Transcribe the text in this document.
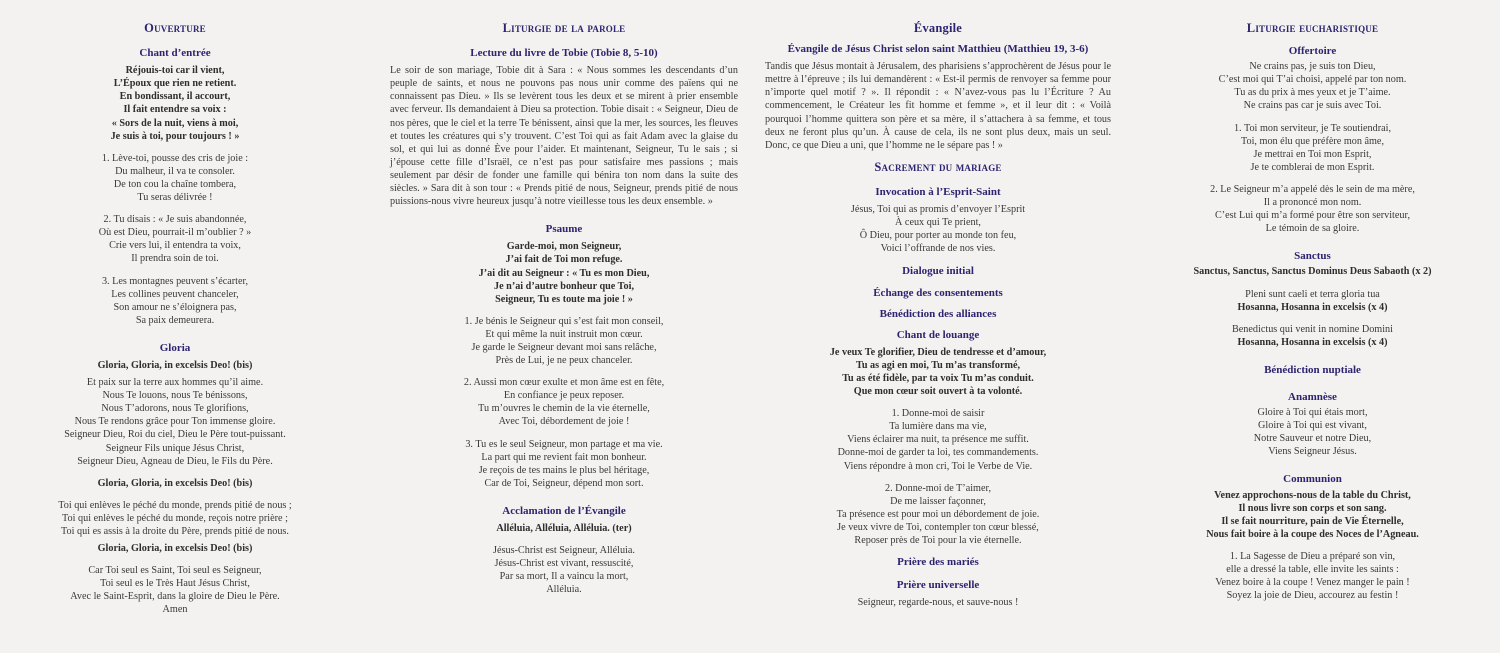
Ouverture
Chant d’entrée

Réjouis-toi car il vient,
L’Époux que rien ne retient.
En bondissant, il accourt,
Il fait entendre sa voix :
« Sors de la nuit, viens à moi,
Je suis à toi, pour toujours ! »

1. Lève-toi, pousse des cris de joie :
Du malheur, il va te consoler.
De ton cou la chaîne tombera,
Tu seras délivrée !

2. Tu disais : « Je suis abandonnée,
Où est Dieu, pourrait-il m’oublier ? »
Crie vers lui, il entendra ta voix,
Il prendra soin de toi.

3. Les montagnes peuvent s’écarter,
Les collines peuvent chanceler,
Son amour ne s’éloignera pas,
Sa paix demeurera.

Gloria

Gloria, Gloria, in excelsis Deo! (bis)

Et paix sur la terre aux hommes qu’il aime.
Nous Te louons, nous Te bénissons,
Nous T’adorons, nous Te glorifions,
Nous Te rendons grâce pour Ton immense gloire.
Seigneur Dieu, Roi du ciel, Dieu le Père tout-puissant.
Seigneur Fils unique Jésus Christ,
Seigneur Dieu, Agneau de Dieu, le Fils du Père.

Gloria, Gloria, in excelsis Deo! (bis)

Toi qui enlèves le péché du monde, prends pitié de nous ;
Toi qui enlèves le péché du monde, reçois notre prière ;
Toi qui es assis à la droite du Père, prends pitié de nous.

Gloria, Gloria, in excelsis Deo! (bis)

Car Toi seul es Saint, Toi seul es Seigneur,
Toi seul es le Très Haut Jésus Christ,
Avec le Saint-Esprit, dans la gloire de Dieu le Père.
Amen

Liturgie de la parole
Lecture du livre de Tobie (Tobie 8, 5-10)

Le soir de son mariage, Tobie dit à Sara : « Nous sommes les descendants d’un peuple de saints, et nous ne pouvons pas nous unir comme des païens qui ne connaissent pas Dieu. » Ils se levèrent tous les deux et se mirent à prier ensemble avec ferveur. Ils demandaient à Dieu sa protection. Tobie disait : « Seigneur, Dieu de nos pères, que le ciel et la terre Te bénissent, ainsi que la mer, les sources, les fleuves et toutes les créatures qui s’y trouvent. C’est Toi qui as fait Adam avec la glaise du sol, et qui lui as donné Ève pour l’aider. Et maintenant, Seigneur, Tu le sais ; si j’épouse cette fille d’Israël, ce n’est pas pour satisfaire mes passions ; mais seulement par désir de fonder une famille qui bénira ton nom dans la suite des siècles. » Sara dit à son tour : « Prends pitié de nous, Seigneur, prends pitié de nous puissions-nous vivre heureux jusqu’à notre vieillesse tous les deux ensemble. »

Psaume

Garde-moi, mon Seigneur,
J’ai fait de Toi mon refuge.
J’ai dit au Seigneur : « Tu es mon Dieu,
Je n’ai d’autre bonheur que Toi,
Seigneur, Tu es toute ma joie ! »

1. Je bénis le Seigneur qui s’est fait mon conseil,
Et qui même la nuit instruit mon cœur.
Je garde le Seigneur devant moi sans relâche,
Près de Lui, je ne peux chanceler.

2. Aussi mon cœur exulte et mon âme est en fête,
En confiance je peux reposer.
Tu m’ouvres le chemin de la vie éternelle,
Avec Toi, débordement de joie !

3. Tu es le seul Seigneur, mon partage et ma vie.
La part qui me revient fait mon bonheur.
Je reçois de tes mains le plus bel héritage,
Car de Toi, Seigneur, dépend mon sort.

Acclamation de l’Évangile

Alléluia, Alléluia, Alléluia. (ter)

Jésus-Christ est Seigneur, Alléluia.
Jésus-Christ est vivant, ressuscité,
Par sa mort, Il a vaincu la mort,
Alléluia.

Évangile
Évangile de Jésus Christ selon saint Matthieu (Matthieu 19, 3-6)

Tandis que Jésus montait à Jérusalem, des pharisiens s’approchèrent de Jésus pour le mettre à l’épreuve ; ils lui demandèrent : « Est-il permis de renvoyer sa femme pour n’importe quel motif ? ». Il répondit : « N’avez-vous pas lu l’Écriture ? Au commencement, le Créateur les fit homme et femme », et il leur dit : « Voilà pourquoi l’homme quittera son père et sa mère, il s’attachera à sa femme, et tous deux ne feront plus qu’un. À cause de cela, ils ne sont plus deux, mais un seul. Donc, ce que Dieu a uni, que l’homme ne le sépare pas ! »

Sacrement du mariage
Invocation à l’Esprit-Saint

Jésus, Toi qui as promis d’envoyer l’Esprit
À ceux qui Te prient,
Ô Dieu, pour porter au monde ton feu,
Voici l’offrande de nos vies.

Dialogue initial
Échange des consentements
Bénédiction des alliances
Chant de louange

Je veux Te glorifier, Dieu de tendresse et d’amour,
Tu as agi en moi, Tu m’as transformé,
Tu as été fidèle, par ta voix Tu m’as conduit.
Que mon cœur soit ouvert à ta volonté.

1. Donne-moi de saisir
Ta lumière dans ma vie,
Viens éclairer ma nuit, ta présence me suffit.
Donne-moi de garder ta loi, tes commandements.
Viens répondre à mon cri, Toi le Verbe de Vie.

2. Donne-moi de T’aimer,
De me laisser façonner,
Ta présence est pour moi un débordement de joie.
Je veux vivre de Toi, contempler ton cœur blessé,
Reposer près de Toi pour la vie éternelle.

Prière des mariés
Prière universelle

Seigneur, regarde-nous, et sauve-nous !

Liturgie eucharistique
Offertoire

Ne crains pas, je suis ton Dieu,
C’est moi qui T’ai choisi, appelé par ton nom.
Tu as du prix à mes yeux et je T’aime.
Ne crains pas car je suis avec Toi.

1. Toi mon serviteur, je Te soutiendrai,
Toi, mon élu que préfère mon âme,
Je mettrai en Toi mon Esprit,
Je te comblerai de mon Esprit.

2. Le Seigneur m’a appelé dès le sein de ma mère,
Il a prononcé mon nom.
C’est Lui qui m’a formé pour être son serviteur,
Le témoin de sa gloire.

Sanctus

Sanctus, Sanctus, Sanctus Dominus Deus Sabaoth (x 2)

Pleni sunt caeli et terra gloria tua

Hosanna, Hosanna in excelsis (x 4)

Benedictus qui venit in nomine Domini

Hosanna, Hosanna in excelsis (x 4)

Bénédiction nuptiale
Anamnèse

Gloire à Toi qui étais mort,
Gloire à Toi qui est vivant,
Notre Sauveur et notre Dieu,
Viens Seigneur Jésus.

Communion

Venez approchons-nous de la table du Christ,
Il nous livre son corps et son sang.
Il se fait nourriture, pain de Vie Éternelle,
Nous fait boire à la coupe des Noces de l’Agneau.

1. La Sagesse de Dieu a préparé son vin,
elle a dressé la table, elle invite les saints :
Venez boire à la coupe ! Venez manger le pain !
Soyez la joie de Dieu, accourez au festin !
